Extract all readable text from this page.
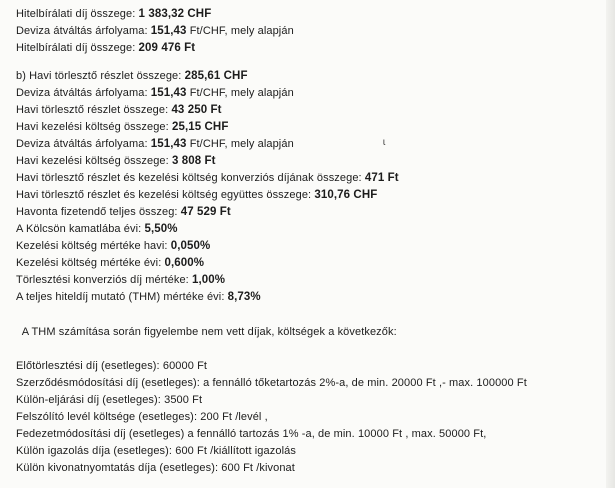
Hitelbírálati díj összege: 1 383,32 CHF
Deviza átváltás árfolyama: 151,43 Ft/CHF, mely alapján
Hitelbírálati díj összege: 209 476 Ft
b) Havi törlesztő részlet összege: 285,61 CHF
Deviza átváltás árfolyama: 151,43 Ft/CHF, mely alapján
Havi törlesztő részlet összege: 43 250 Ft
Havi kezelési költség összege: 25,15 CHF
Deviza átváltás árfolyama: 151,43 Ft/CHF, mely alapján
Havi kezelési költség összege: 3 808 Ft
Havi törlesztő részlet és kezelési költség konverziós díjának összege: 471 Ft
Havi törlesztő részlet és kezelési költség együttes összege: 310,76 CHF
Havonta fizetendő teljes összeg: 47 529 Ft
A Kölcsön kamatlába évi: 5,50%
Kezelési költség mértéke havi: 0,050%
Kezelési költség mértéke évi: 0,600%
Törlesztési konverziós díj mértéke: 1,00%
A teljes hiteldíj mutató (THM) mértéke évi: 8,73%
A THM számítása során figyelembe nem vett díjak, költségek a következők:
Előtörlesztési díj (esetleges): 60000 Ft
Szerződésmódosítási díj (esetleges): a fennálló tőketartozás 2%-a, de min. 20000 Ft ,- max. 100000 Ft
Külön-eljárási díj (esetleges): 3500 Ft
Felszólító levél költsége (esetleges): 200 Ft /levél ,
Fedezetmódosítási díj (esetleges) a fennálló tartozás 1% -a, de min. 10000 Ft , max. 50000 Ft,
Külön igazolás díja (esetleges): 600 Ft /kiállított igazolás
Külön kivonatnyomtatás díja (esetleges): 600 Ft /kivonat
ɩ
